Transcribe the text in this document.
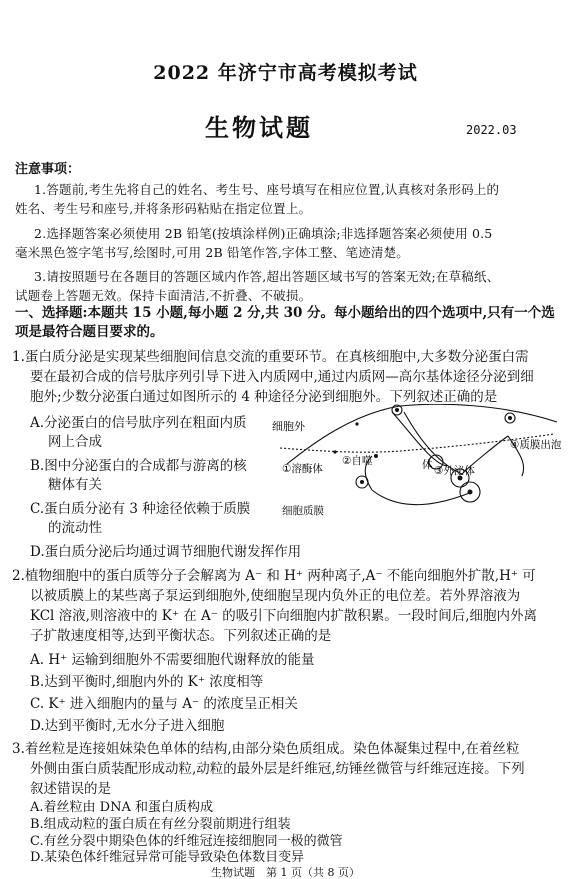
2022 年济宁市高考模拟考试
生物试题	2022.03
注意事项：
1.答题前,考生先将自己的姓名、考生号、座号填写在相应位置,认真核对条形码上的
姓名、考生号和座号,并将条形码粘贴在指定位置上。
2.选择题答案必须使用 2B 铅笔(按填涂样例)正确填涂;非选择题答案必须使用 0.5
毫米黑色签字笔书写,绘图时,可用 2B 铅笔作答,字体工整、笔迹清楚。
3.请按照题号在各题目的答题区域内作答,超出答题区域书写的答案无效;在草稿纸、
试题卷上答题无效。保持卡面清洁,不折叠、不破损。
一、选择题:本题共 15 小题,每小题 2 分,共 30 分。每小题给出的四个选项中,只有一个选
项是最符合题目要求的。
1.蛋白质分泌是实现某些细胞间信息交流的重要环节。在真核细胞中,大多数分泌蛋白需
要在最初合成的信号肽序列引导下进入内质网中,通过内质网—高尔基体途径分泌到细
胞外;少数分泌蛋白通过如图所示的 4 种途径分泌到细胞外。下列叙述正确的是
A.分泌蛋白的信号肽序列在粗面内质
网上合成
B.图中分泌蛋白的合成都与游离的核
糖体有关
C.蛋白质分泌有 3 种途径依赖于质膜
的流动性
D.蛋白质分泌后均通过调节细胞代谢发挥作用
细胞外
①溶酶体
②自噬	体 ③外泌体
④质膜出泡
细胞质膜
2.植物细胞中的蛋白质等分子会解离为 A⁻ 和 H⁺ 两种离子,A⁻ 不能向细胞外扩散,H⁺ 可
以被质膜上的某些离子泵运到细胞外,使细胞呈现内负外正的电位差。若外界溶液为
KCl 溶液,则溶液中的 K⁺ 在 A⁻ 的吸引下向细胞内扩散积累。一段时间后,细胞内外离
子扩散速度相等,达到平衡状态。下列叙述正确的是
A. H⁺ 运输到细胞外不需要细胞代谢释放的能量
B.达到平衡时,细胞内外的 K⁺ 浓度相等
C. K⁺ 进入细胞内的量与 A⁻ 的浓度呈正相关
D.达到平衡时,无水分子进入细胞
3.着丝粒是连接姐妹染色单体的结构,由部分染色质组成。染色体凝集过程中,在着丝粒
外侧由蛋白质装配形成动粒,动粒的最外层是纤维冠,纺锤丝微管与纤维冠连接。下列
叙述错误的是
A.着丝粒由 DNA 和蛋白质构成
B.组成动粒的蛋白质在有丝分裂前期进行组装
生物试题　第 1 页（共 8 页）
C.有丝分裂中期染色体的纤维冠连接细胞同一极的微管
D.某染色体纤维冠异常可能导致染色体数目变异
